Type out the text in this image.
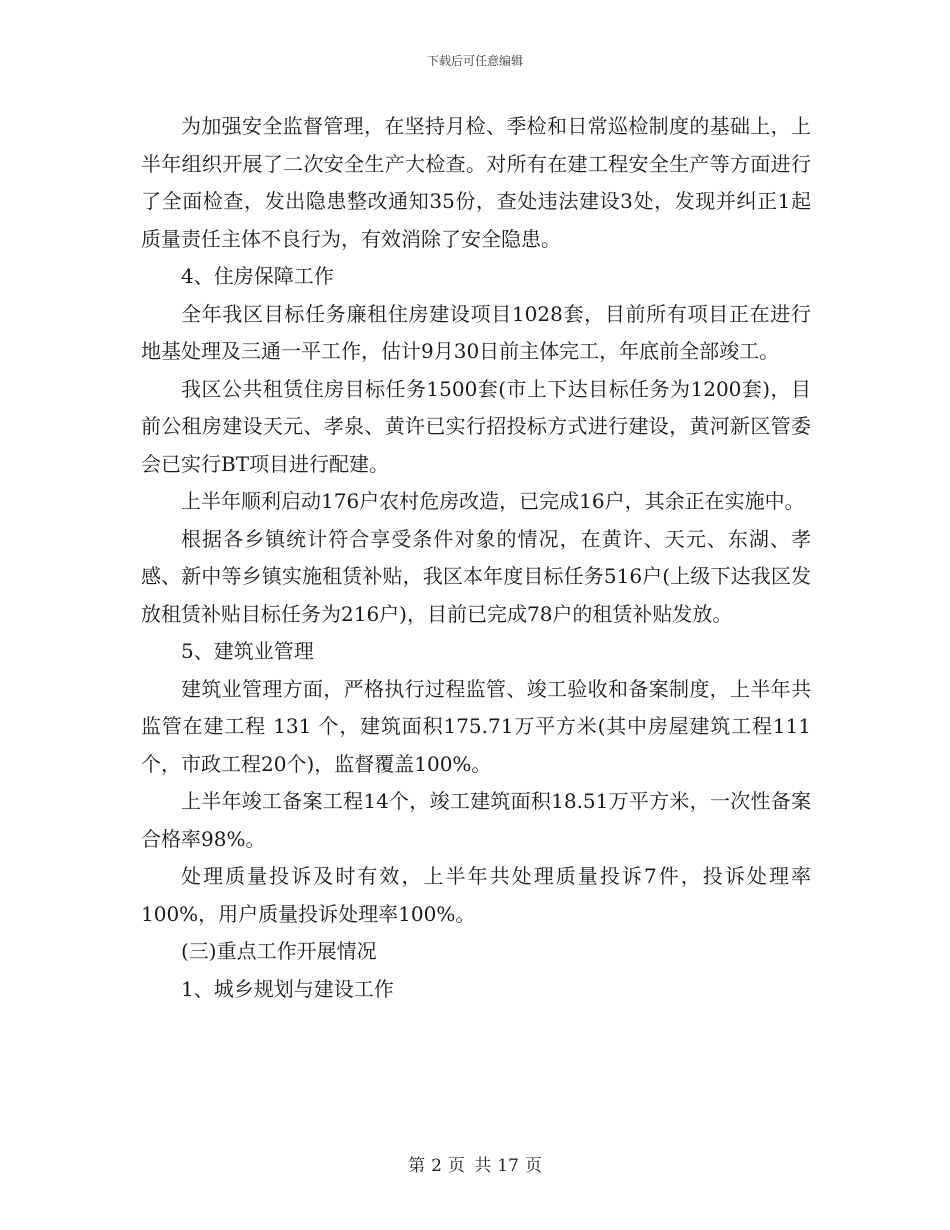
下载后可任意编辑

为加强安全监督管理，在坚持月检、季检和日常巡检制度的基础上，上半年组织开展了二次安全生产大检查。对所有在建工程安全生产等方面进行了全面检查，发出隐患整改通知35份，查处违法建设3处，发现并纠正1起质量责任主体不良行为，有效消除了安全隐患。

4、住房保障工作

全年我区目标任务廉租住房建设项目1028套，目前所有项目正在进行地基处理及三通一平工作，估计9月30日前主体完工，年底前全部竣工。

我区公共租赁住房目标任务1500套(市上下达目标任务为1200套)，目前公租房建设天元、孝泉、黄许已实行招投标方式进行建设，黄河新区管委会已实行BT项目进行配建。

上半年顺利启动176户农村危房改造，已完成16户，其余正在实施中。

根据各乡镇统计符合享受条件对象的情况，在黄许、天元、东湖、孝感、新中等乡镇实施租赁补贴，我区本年度目标任务516户(上级下达我区发放租赁补贴目标任务为216户)，目前已完成78户的租赁补贴发放。

5、建筑业管理

建筑业管理方面，严格执行过程监管、竣工验收和备案制度，上半年共监管在建工程 131 个，建筑面积175.71万平方米(其中房屋建筑工程111个，市政工程20个)，监督覆盖100%。

上半年竣工备案工程14个，竣工建筑面积18.51万平方米，一次性备案合格率98%。

处理质量投诉及时有效，上半年共处理质量投诉7件，投诉处理率100%，用户质量投诉处理率100%。

(三)重点工作开展情况

1、城乡规划与建设工作

第 2 页 共 17 页
